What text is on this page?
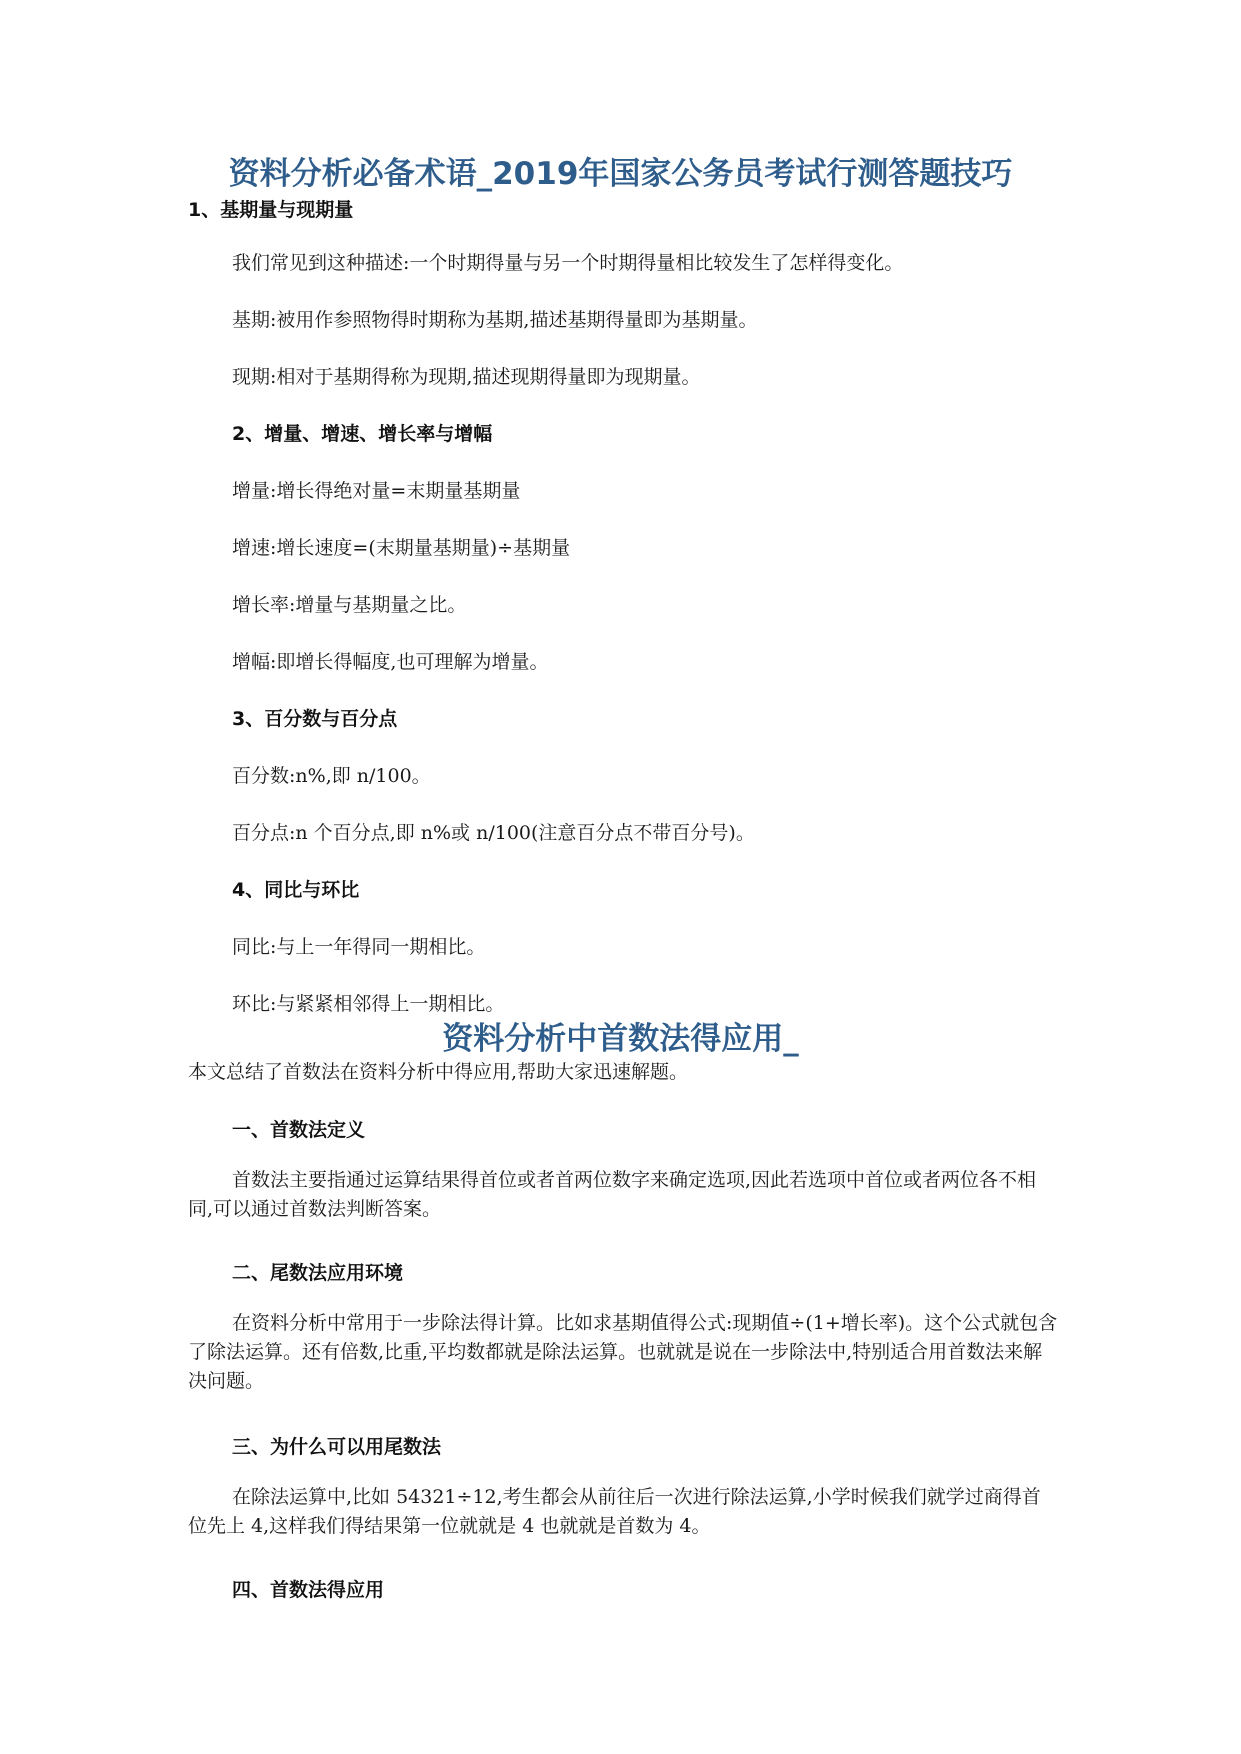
资料分析必备术语_2019年国家公务员考试行测答题技巧
1、基期量与现期量
我们常见到这种描述:一个时期得量与另一个时期得量相比较发生了怎样得变化。
基期:被用作参照物得时期称为基期,描述基期得量即为基期量。
现期:相对于基期得称为现期,描述现期得量即为现期量。
2、增量、增速、增长率与增幅
增量:增长得绝对量=末期量基期量
增速:增长速度=(末期量基期量)÷基期量
增长率:增量与基期量之比。
增幅:即增长得幅度,也可理解为增量。
3、百分数与百分点
百分数:n%,即 n/100。
百分点:n 个百分点,即 n%或 n/100(注意百分点不带百分号)。
4、同比与环比
同比:与上一年得同一期相比。
环比:与紧紧相邻得上一期相比。
资料分析中首数法得应用_
本文总结了首数法在资料分析中得应用,帮助大家迅速解题。
一、首数法定义
首数法主要指通过运算结果得首位或者首两位数字来确定选项,因此若选项中首位或者两位各不相同,可以通过首数法判断答案。
二、尾数法应用环境
在资料分析中常用于一步除法得计算。比如求基期值得公式:现期值÷(1+增长率)。这个公式就包含了除法运算。还有倍数,比重,平均数都就是除法运算。也就就是说在一步除法中,特别适合用首数法来解决问题。
三、为什么可以用尾数法
在除法运算中,比如 54321÷12,考生都会从前往后一次进行除法运算,小学时候我们就学过商得首位先上 4,这样我们得结果第一位就就是 4 也就就是首数为 4。
四、首数法得应用
